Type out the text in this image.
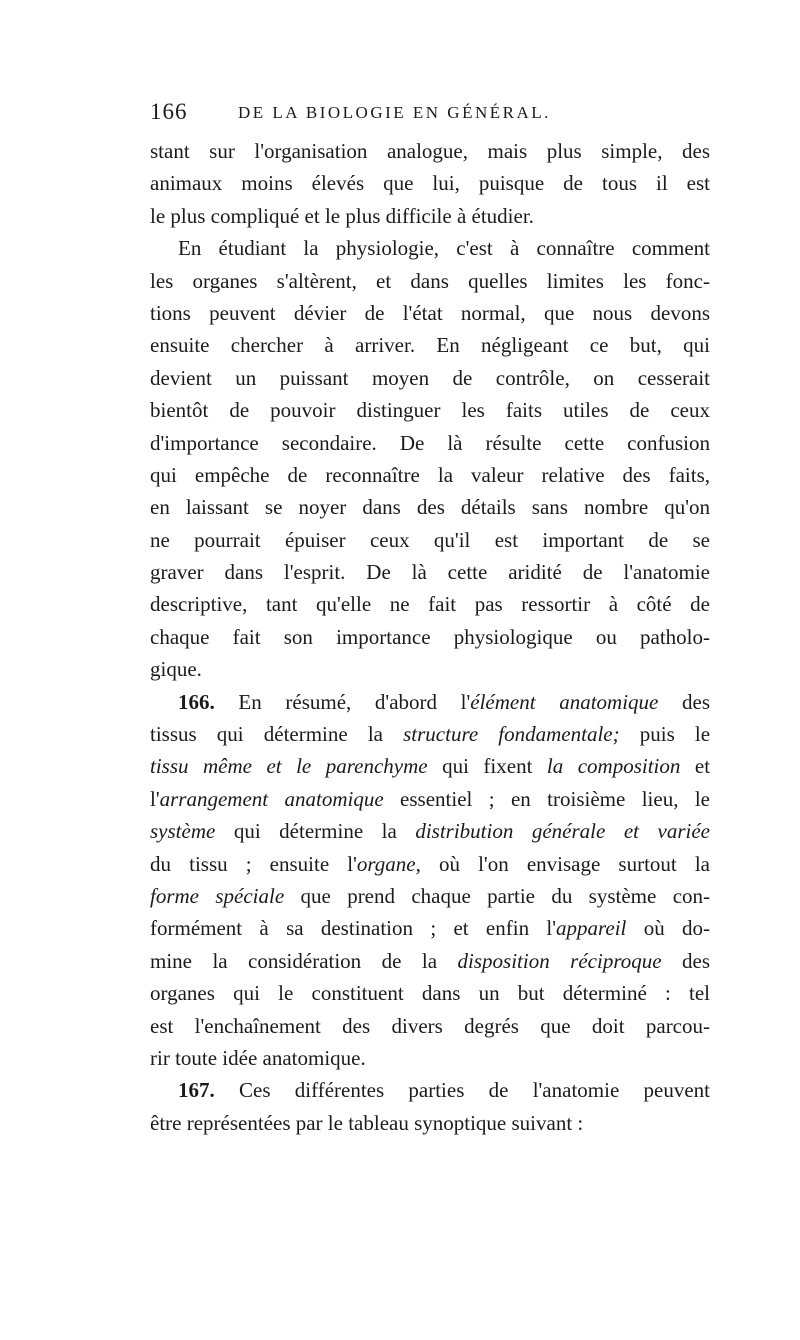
166	DE LA BIOLOGIE EN GÉNÉRAL.
stant sur l'organisation analogue, mais plus simple, des
animaux moins élevés que lui, puisque de tous il est
le plus compliqué et le plus difficile à étudier.
En étudiant la physiologie, c'est à connaître comment
les organes s'altèrent, et dans quelles limites les fonc-
tions peuvent dévier de l'état normal, que nous devons
ensuite chercher à arriver. En négligeant ce but, qui
devient un puissant moyen de contrôle, on cesserait
bientôt de pouvoir distinguer les faits utiles de ceux
d'importance secondaire. De là résulte cette confusion
qui empêche de reconnaître la valeur relative des faits,
en laissant se noyer dans des détails sans nombre qu'on
ne pourrait épuiser ceux qu'il est important de se
graver dans l'esprit. De là cette aridité de l'anatomie
descriptive, tant qu'elle ne fait pas ressortir à côté de
chaque fait son importance physiologique ou patholo-
gique.
166. En résumé, d'abord l'élément anatomique des
tissus qui détermine la structure fondamentale; puis le
tissu même et le parenchyme qui fixent la composition et
l'arrangement anatomique essentiel ; en troisième lieu, le
système qui détermine la distribution générale et variée
du tissu ; ensuite l'organe, où l'on envisage surtout la
forme spéciale que prend chaque partie du système con-
formément à sa destination ; et enfin l'appareil où do-
mine la considération de la disposition réciproque des
organes qui le constituent dans un but déterminé : tel
est l'enchaînement des divers degrés que doit parcou-
rir toute idée anatomique.
167. Ces différentes parties de l'anatomie peuvent
être représentées par le tableau synoptique suivant :
